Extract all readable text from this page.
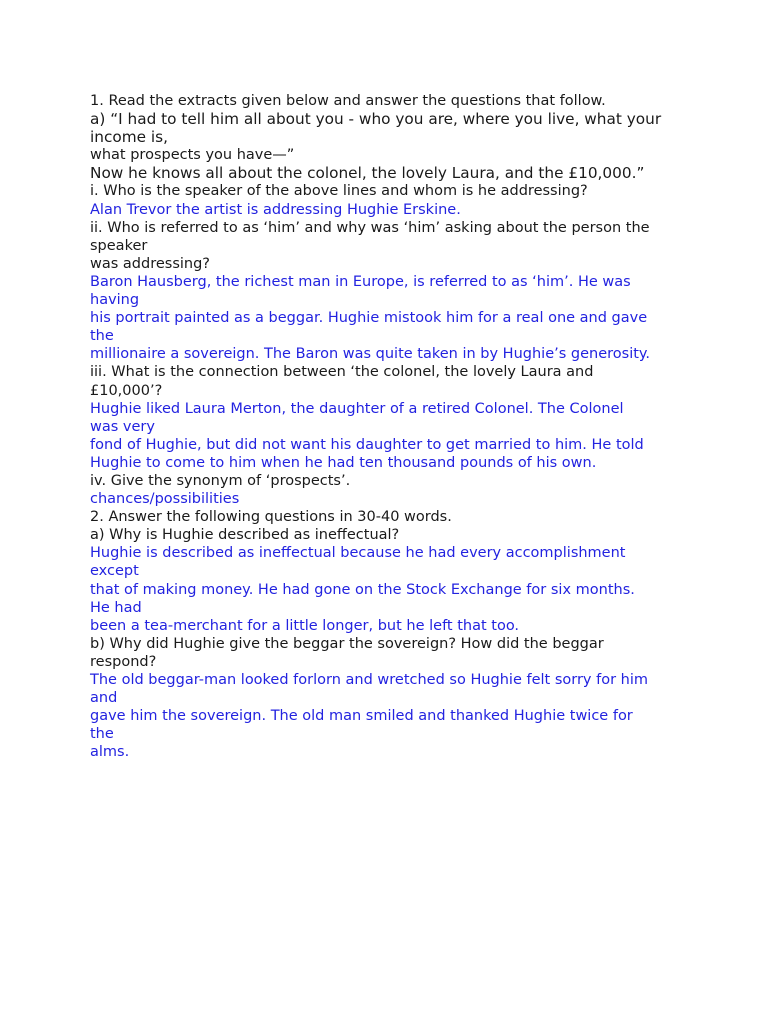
1. Read the extracts given below and answer the questions that follow.
a) “I had to tell him all about you - who you are, where you live, what your
income is,
what prospects you have—”
Now he knows all about the colonel, the lovely Laura, and the £10,000.”
i. Who is the speaker of the above lines and whom is he addressing?
Alan Trevor the artist is addressing Hughie Erskine.
ii. Who is referred to as ‘him’ and why was ‘him’ asking about the person the
speaker
was addressing?
Baron Hausberg, the richest man in Europe, is referred to as ‘him’. He was
having
his portrait painted as a beggar. Hughie mistook him for a real one and gave
the
millionaire a sovereign. The Baron was quite taken in by Hughie’s generosity.
iii. What is the connection between ‘the colonel, the lovely Laura and
£10,000’?
Hughie liked Laura Merton, the daughter of a retired Colonel. The Colonel
was very
fond of Hughie, but did not want his daughter to get married to him. He told
Hughie to come to him when he had ten thousand pounds of his own.
iv. Give the synonym of ‘prospects’.
chances/possibilities
2. Answer the following questions in 30-40 words.
a) Why is Hughie described as ineffectual?
Hughie is described as ineffectual because he had every accomplishment
except
that of making money. He had gone on the Stock Exchange for six months.
He had
been a tea-merchant for a little longer, but he left that too.
b) Why did Hughie give the beggar the sovereign? How did the beggar
respond?
The old beggar-man looked forlorn and wretched so Hughie felt sorry for him
and
gave him the sovereign. The old man smiled and thanked Hughie twice for
the
alms.
